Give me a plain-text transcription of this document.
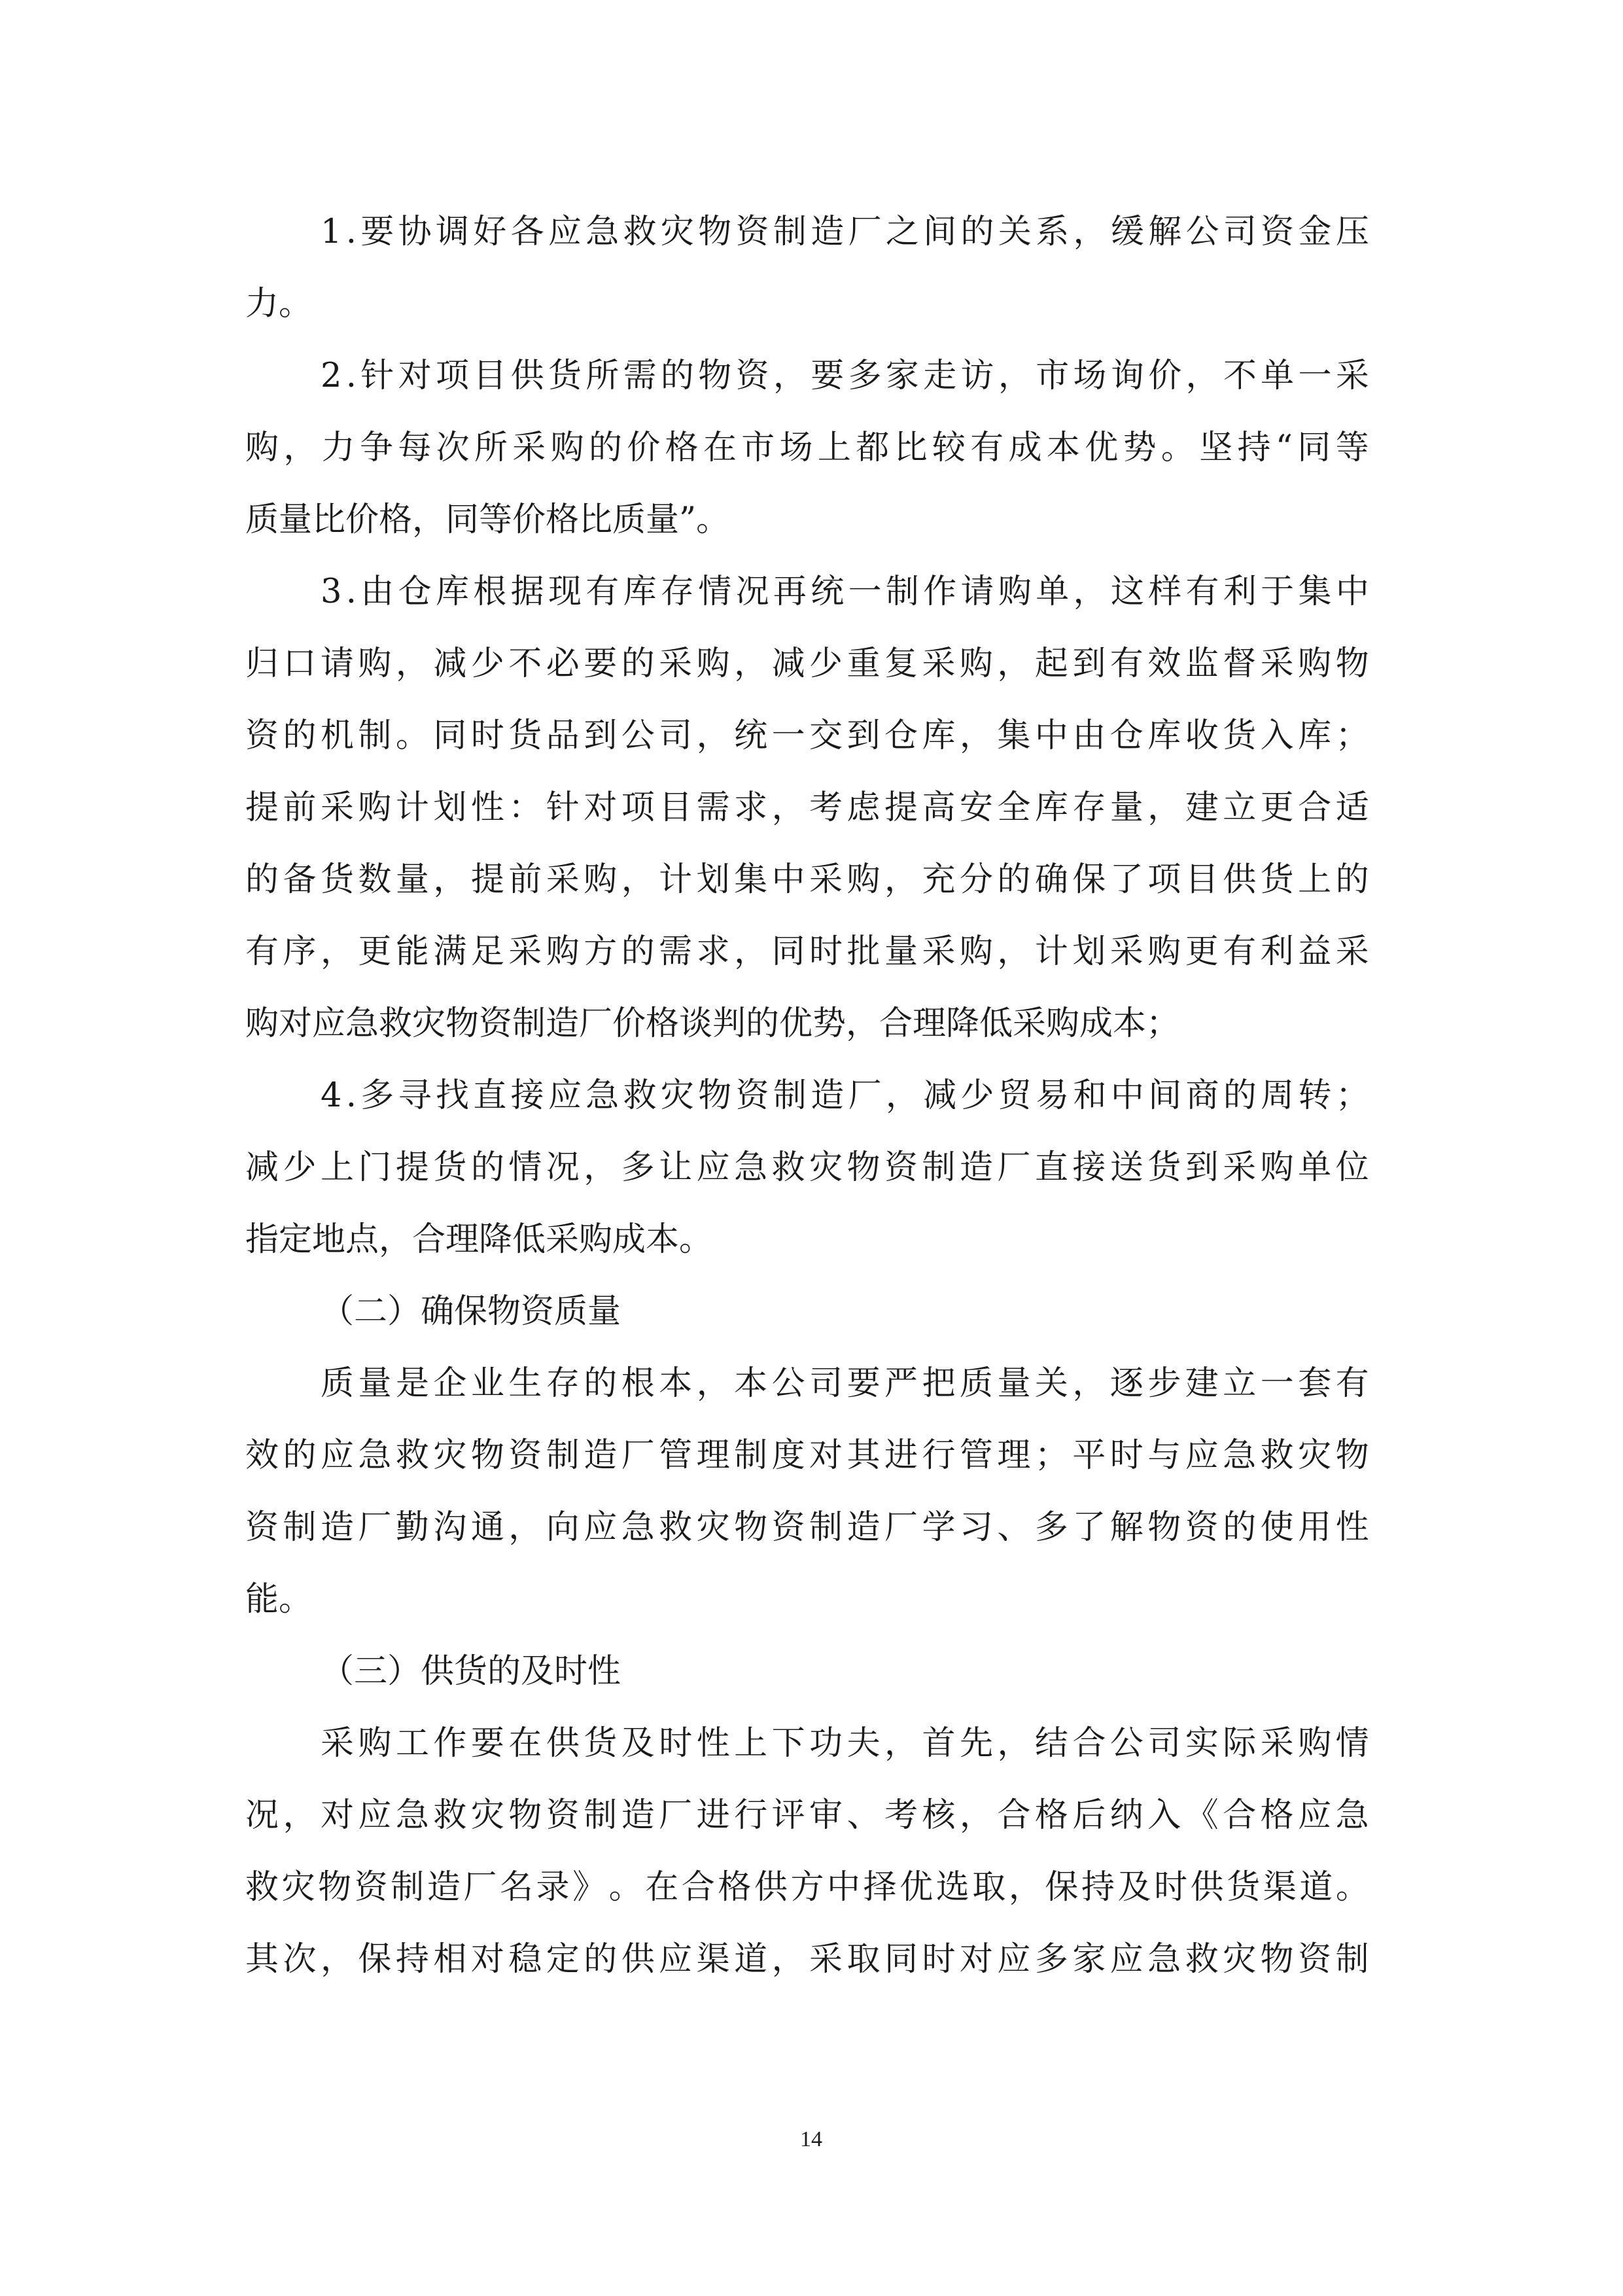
1 . 要 协 调 好 各 应 急 救 灾 物 资 制 造 厂 之 间 的 关 系 ， 缓 解 公 司 资 金 压
力。
2 . 针 对 项 目 供 货 所 需 的 物 资 ， 要 多 家 走 访 ， 市 场 询 价 ， 不 单 一 采
购 ， 力 争 每 次 所 采 购 的 价 格 在 市 场 上 都 比 较 有 成 本 优 势 。 坚 持 “ 同 等
质量比价格，同等价格比质量”。
3 . 由 仓 库 根 据 现 有 库 存 情 况 再 统 一 制 作 请 购 单 ， 这 样 有 利 于 集 中
归 口 请 购 ， 减 少 不 必 要 的 采 购 ， 减 少 重 复 采 购 ， 起 到 有 效 监 督 采 购 物
资 的 机 制 。 同 时 货 品 到 公 司 ， 统 一 交 到 仓 库 ， 集 中 由 仓 库 收 货 入 库 ；
提 前 采 购 计 划 性 ： 针 对 项 目 需 求 ， 考 虑 提 高 安 全 库 存 量 ， 建 立 更 合 适
的 备 货 数 量 ， 提 前 采 购 ， 计 划 集 中 采 购 ， 充 分 的 确 保 了 项 目 供 货 上 的
有 序 ， 更 能 满 足 采 购 方 的 需 求 ， 同 时 批 量 采 购 ， 计 划 采 购 更 有 利 益 采
购对应急救灾物资制造厂价格谈判的优势，合理降低采购成本；
4 . 多 寻 找 直 接 应 急 救 灾 物 资 制 造 厂 ， 减 少 贸 易 和 中 间 商 的 周 转 ；
减 少 上 门 提 货 的 情 况 ， 多 让 应 急 救 灾 物 资 制 造 厂 直 接 送 货 到 采 购 单 位
指定地点，合理降低采购成本。
（二）确保物资质量
质 量 是 企 业 生 存 的 根 本 ， 本 公 司 要 严 把 质 量 关 ， 逐 步 建 立 一 套 有
效 的 应 急 救 灾 物 资 制 造 厂 管 理 制 度 对 其 进 行 管 理 ； 平 时 与 应 急 救 灾 物
资 制 造 厂 勤 沟 通 ， 向 应 急 救 灾 物 资 制 造 厂 学 习 、 多 了 解 物 资 的 使 用 性
能。
（三）供货的及时性
采 购 工 作 要 在 供 货 及 时 性 上 下 功 夫 ， 首 先 ， 结 合 公 司 实 际 采 购 情
况 ， 对 应 急 救 灾 物 资 制 造 厂 进 行 评 审 、 考 核 ， 合 格 后 纳 入 《 合 格 应 急
救 灾 物 资 制 造 厂 名 录 》 。 在 合 格 供 方 中 择 优 选 取 ， 保 持 及 时 供 货 渠 道 。
其 次 ， 保 持 相 对 稳 定 的 供 应 渠 道 ， 采 取 同 时 对 应 多 家 应 急 救 灾 物 资 制
14
